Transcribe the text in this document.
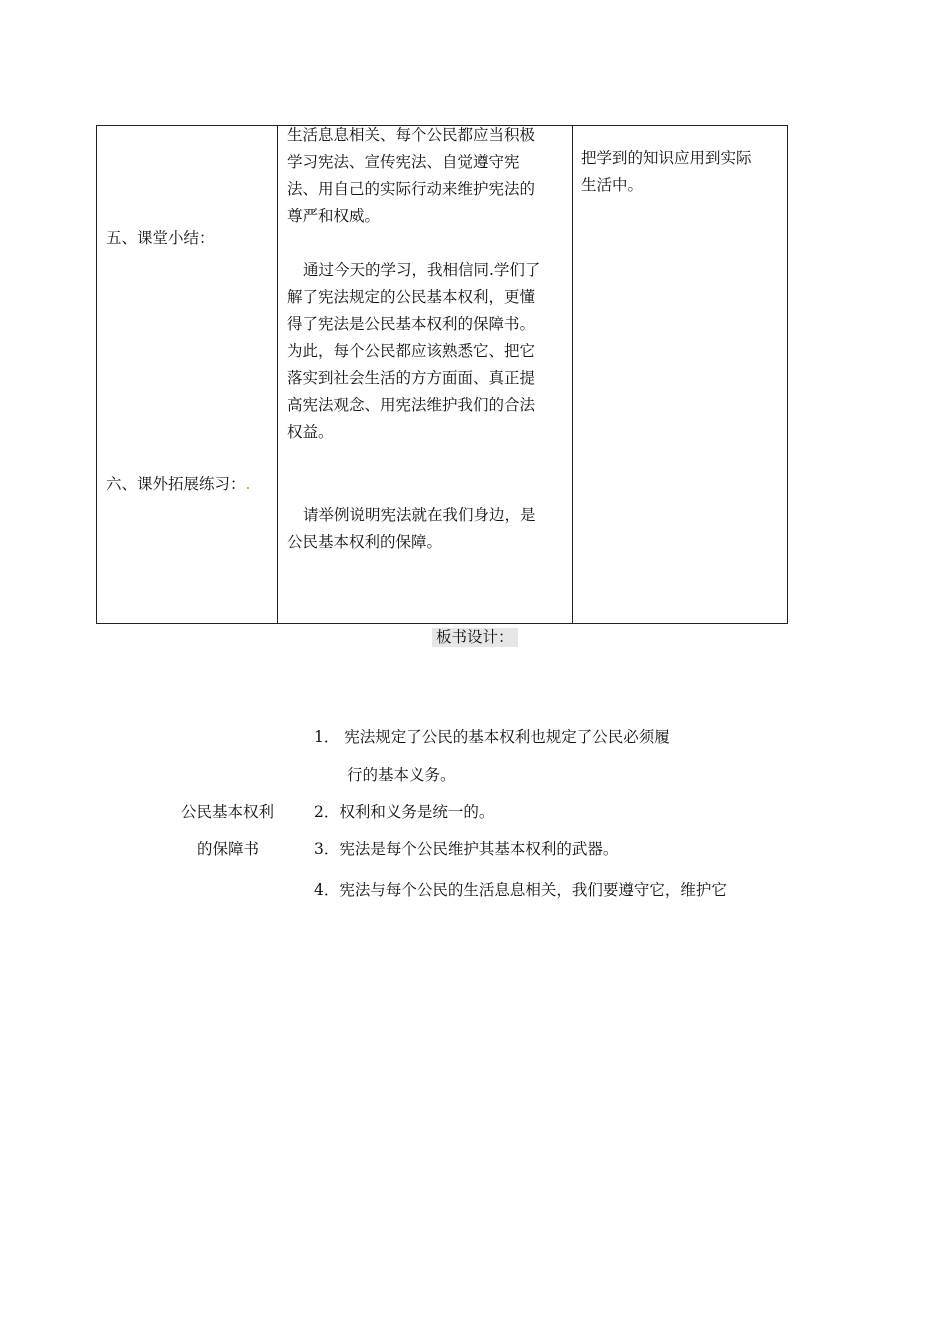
五、课堂小结：
六、课外拓展练习：.
生活息息相关、每个公民都应当积极
学习宪法、宣传宪法、自觉遵守宪
法、用自己的实际行动来维护宪法的
尊严和权威。
通过今天的学习，我相信同.学们了
解了宪法规定的公民基本权利，更懂
得了宪法是公民基本权利的保障书。
为此，每个公民都应该熟悉它、把它
落实到社会生活的方方面面、真正提
高宪法观念、用宪法维护我们的合法
权益。
请举例说明宪法就在我们身边，是
公民基本权利的保障。
把学到的知识应用到实际
生活中。
板书设计：
公民基本权利
的保障书
1． 宪法规定了公民的基本权利也规定了公民必须履
行的基本义务。
2．权利和义务是统一的。
3．宪法是每个公民维护其基本权利的武器。
4．宪法与每个公民的生活息息相关，我们要遵守它，维护它
